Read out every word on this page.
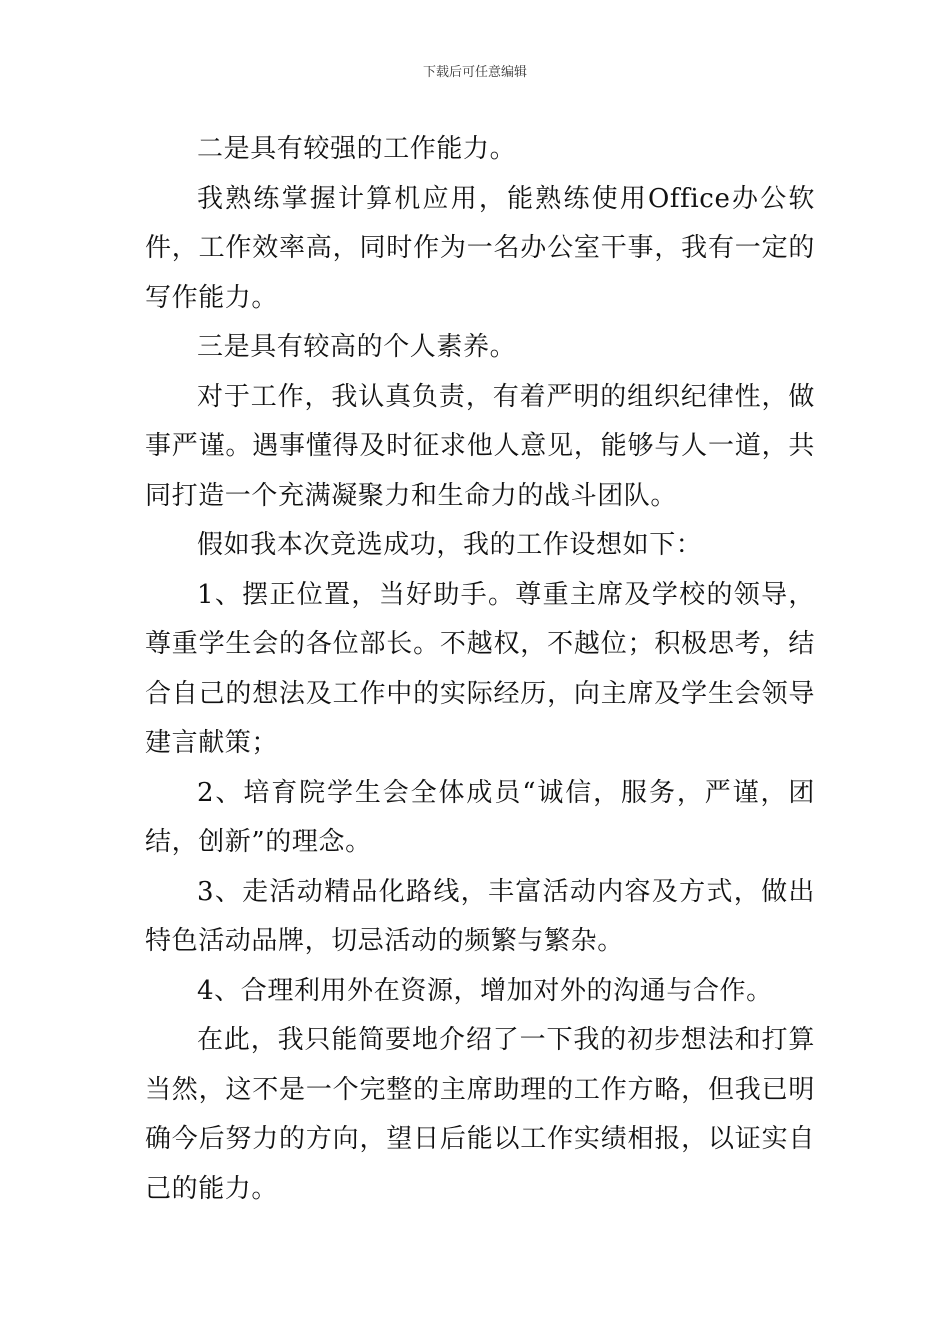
下载后可任意编辑

二是具有较强的工作能力。

我熟练掌握计算机应用，能熟练使用Office办公软件，工作效率高，同时作为一名办公室干事，我有一定的写作能力。

三是具有较高的个人素养。

对于工作，我认真负责，有着严明的组织纪律性，做事严谨。遇事懂得及时征求他人意见，能够与人一道，共同打造一个充满凝聚力和生命力的战斗团队。

假如我本次竞选成功，我的工作设想如下：

1、摆正位置，当好助手。尊重主席及学校的领导，尊重学生会的各位部长。不越权，不越位；积极思考，结合自己的想法及工作中的实际经历，向主席及学生会领导建言献策；

2、培育院学生会全体成员“诚信，服务，严谨，团结，创新”的理念。

3、走活动精品化路线，丰富活动内容及方式，做出特色活动品牌，切忌活动的频繁与繁杂。

4、合理利用外在资源，增加对外的沟通与合作。

在此，我只能简要地介绍了一下我的初步想法和打算当然，这不是一个完整的主席助理的工作方略，但我已明确今后努力的方向，望日后能以工作实绩相报，以证实自己的能力。
